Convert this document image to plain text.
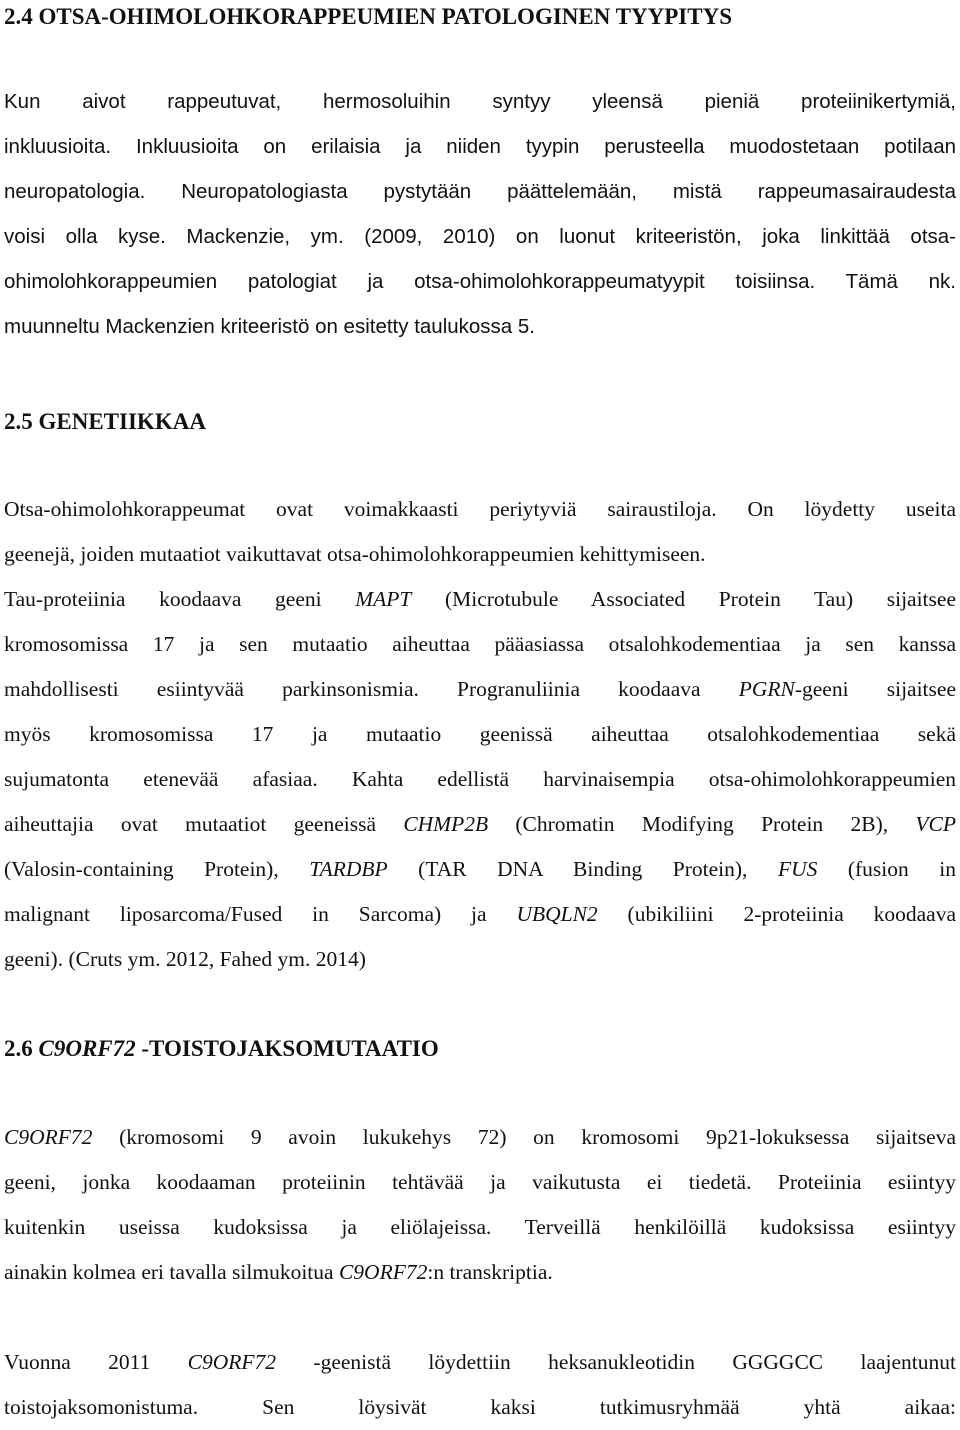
2.4 OTSA-OHIMOLOHKORAPPEUMIEN PATOLOGINEN TYYPITYS
Kun aivot rappeutuvat, hermosoluihin syntyy yleensä pieniä proteiinikertymiä,
inkluusioita. Inkluusioita on erilaisia ja niiden tyypin perusteella muodostetaan potilaan
neuropatologia. Neuropatologiasta pystytään päättelemään, mistä rappeumasairaudesta
voisi olla kyse. Mackenzie, ym. (2009, 2010) on luonut kriteeristön, joka linkittää otsa-
ohimolohkorappeumien patologiat ja otsa-ohimolohkorappeumatyypit toisiinsa. Tämä nk.
muunneltu Mackenzien kriteeristö on esitetty taulukossa 5.
2.5 GENETIIKKAA
Otsa-ohimolohkorappeumat ovat voimakkaasti periytyviä sairaustiloja. On löydetty useita
geenejä, joiden mutaatiot vaikuttavat otsa-ohimolohkorappeumien kehittymiseen.
Tau-proteiinia koodaava geeni MAPT (Microtubule Associated Protein Tau) sijaitsee
kromosomissa 17 ja sen mutaatio aiheuttaa pääasiassa otsalohkodementiaa ja sen kanssa
mahdollisesti esiintyvää parkinsonismia. Progranuliinia koodaava PGRN-geeni sijaitsee
myös kromosomissa 17 ja mutaatio geenissä aiheuttaa otsalohkodementiaa sekä
sujumatonta etenevää afasiaa. Kahta edellistä harvinaisempia otsa-ohimolohkorappeumien
aiheuttajia ovat mutaatiot geeneissä CHMP2B (Chromatin Modifying Protein 2B), VCP
(Valosin-containing Protein), TARDBP (TAR DNA Binding Protein), FUS (fusion in
malignant liposarcoma/Fused in Sarcoma) ja UBQLN2 (ubikiliini 2-proteiinia koodaava
geeni). (Cruts ym. 2012, Fahed ym. 2014)
2.6 C9ORF72 -TOISTOJAKSOMUTAATIO
C9ORF72 (kromosomi 9 avoin lukukehys 72) on kromosomi 9p21-lokuksessa sijaitseva
geeni, jonka koodaaman proteiinin tehtävää ja vaikutusta ei tiedetä. Proteiinia esiintyy
kuitenkin useissa kudoksissa ja eliölajeissa. Terveillä henkilöillä kudoksissa esiintyy
ainakin kolmea eri tavalla silmukoitua C9ORF72:n transkriptia.
Vuonna 2011 C9ORF72 -geenistä löydettiin heksanukleotidin GGGGCC laajentunut
toistojaksomonistuma. Sen löysivät kaksi tutkimusryhmää yhtä aikaa:
